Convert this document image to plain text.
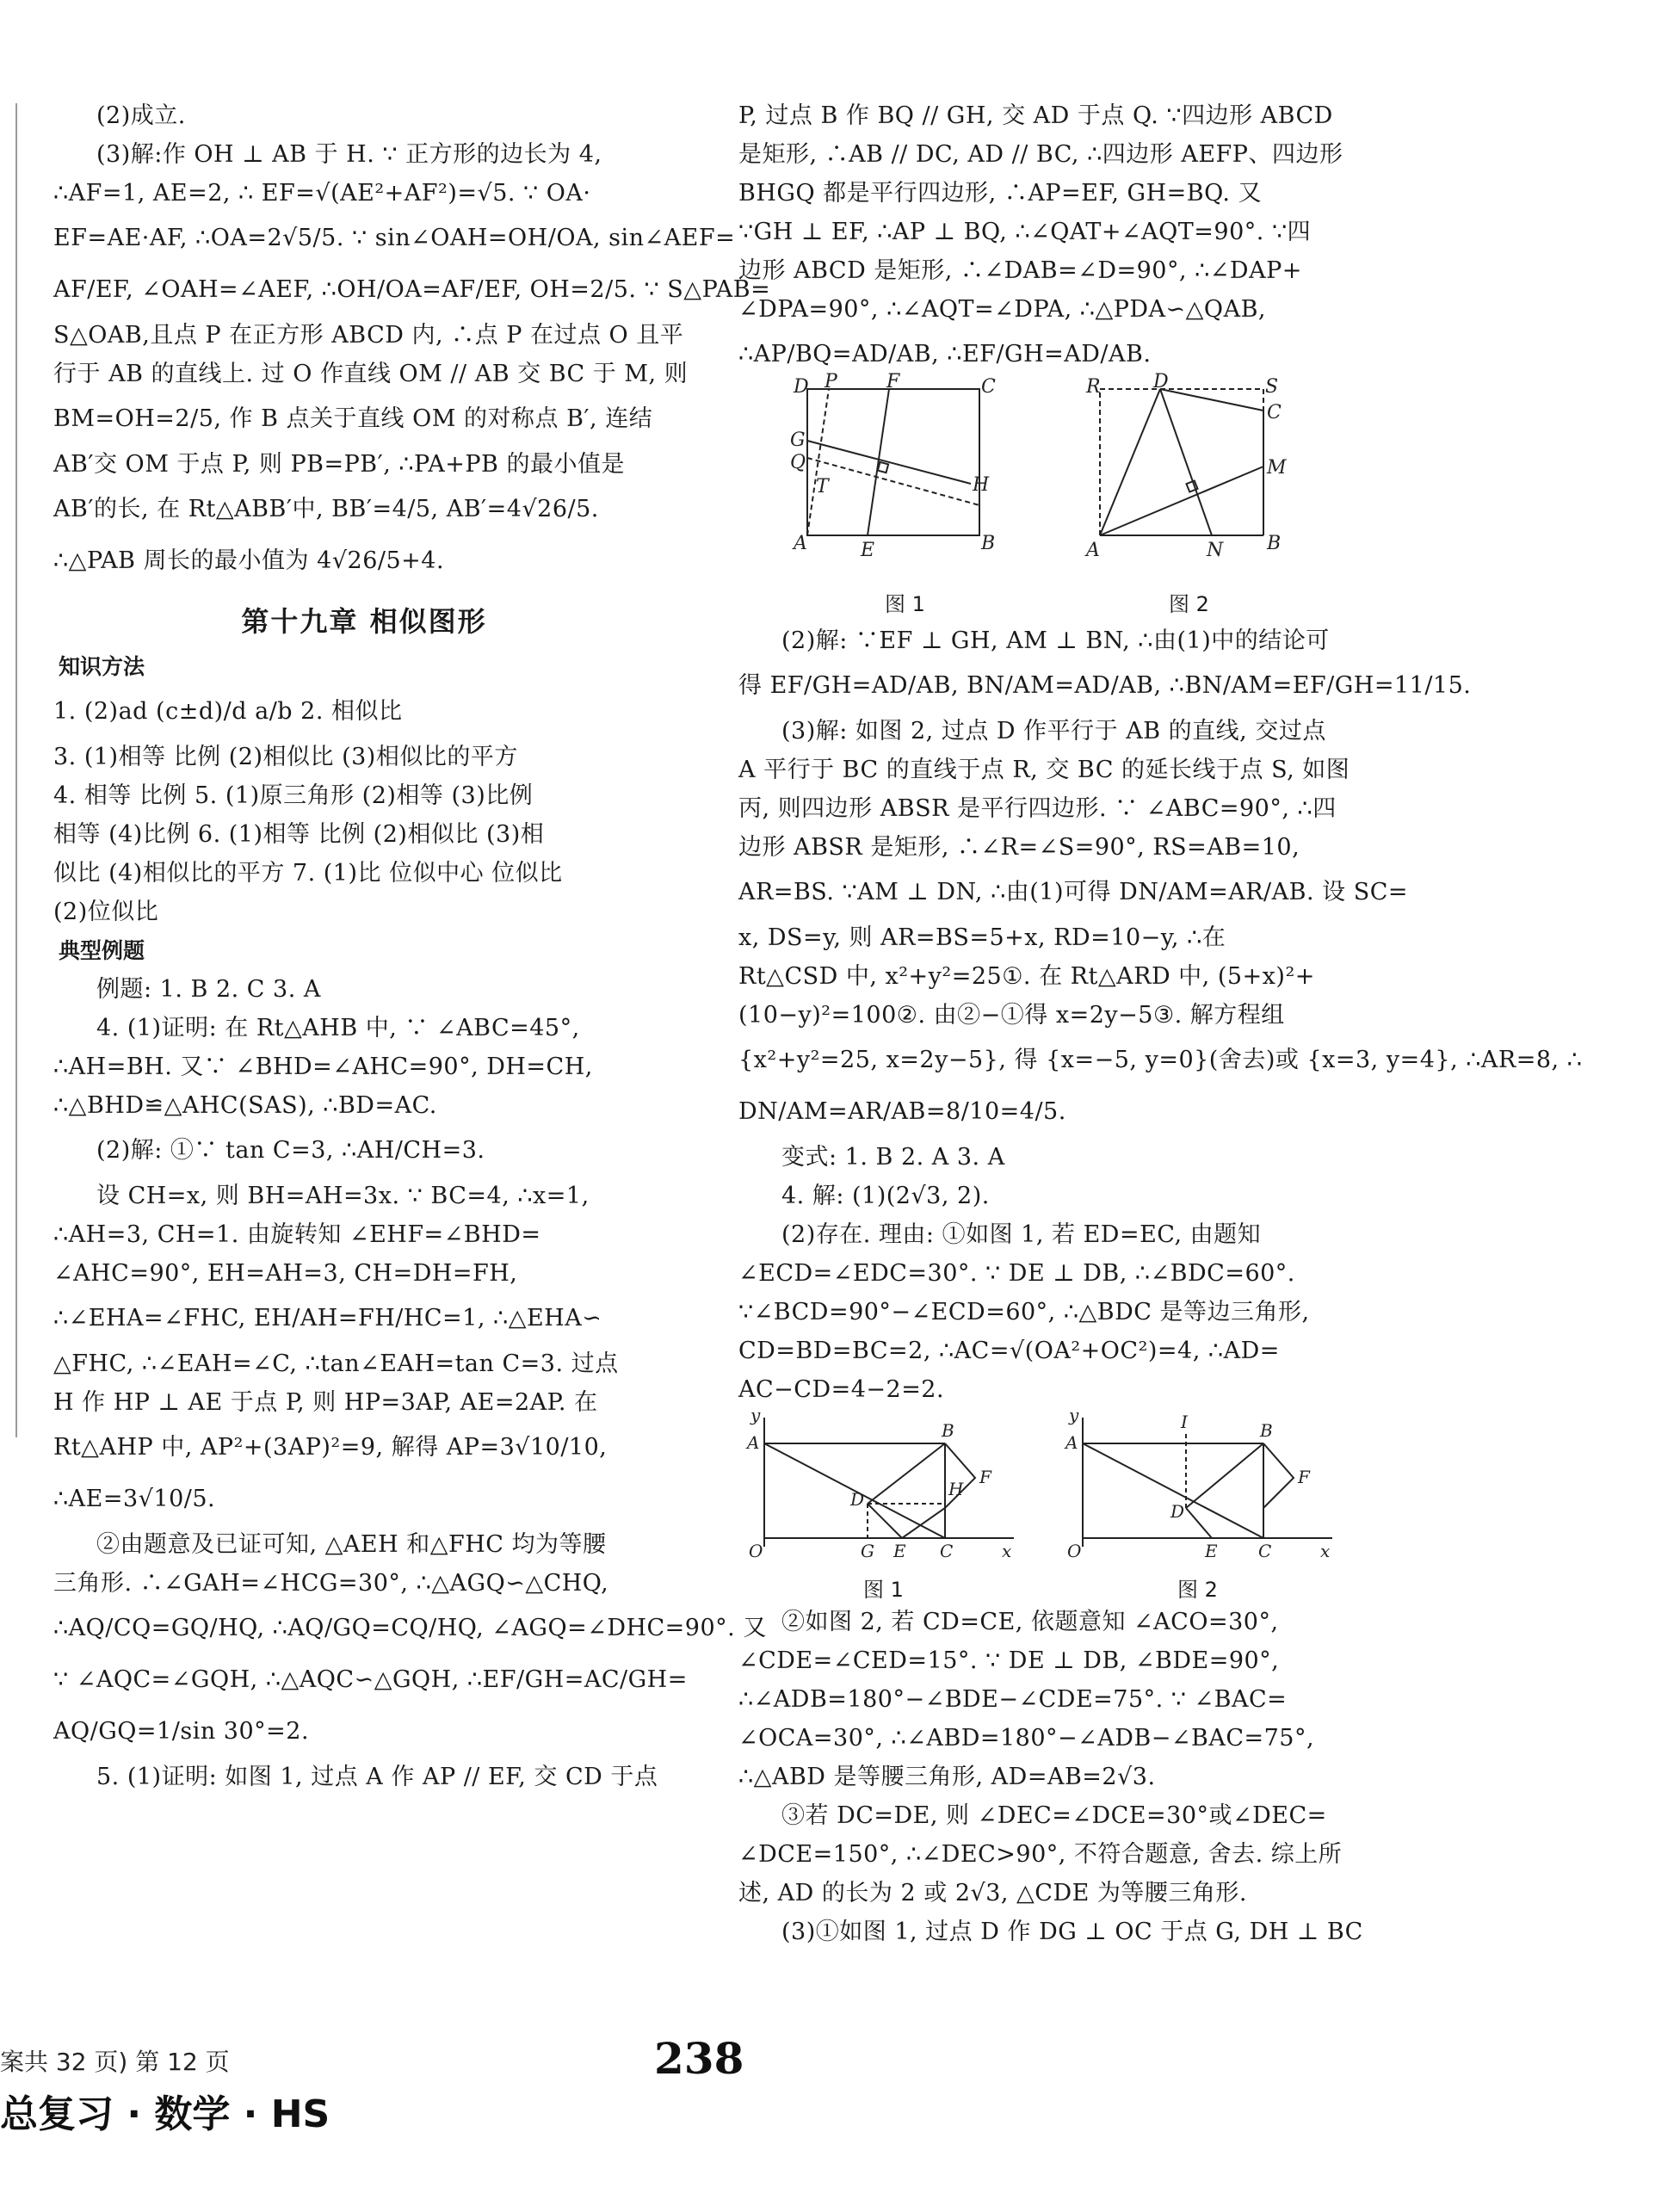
(2)成立.
(3)解:作 OH ⊥ AB 于 H. ∵ 正方形的边长为 4,
∴AF=1, AE=2, ∴ EF=√(AE²+AF²)=√5. ∵ OA·
EF=AE·AF, ∴OA=2√5/5. ∵ sin∠OAH=OH/OA, sin∠AEF=
AF/EF, ∠OAH=∠AEF, ∴OH/OA=AF/EF, OH=2/5. ∵ S△PAB=
S△OAB,且点 P 在正方形 ABCD 内, ∴点 P 在过点 O 且平
行于 AB 的直线上. 过 O 作直线 OM // AB 交 BC 于 M, 则
BM=OH=2/5, 作 B 点关于直线 OM 的对称点 B′, 连结
AB′交 OM 于点 P, 则 PB=PB′, ∴PA+PB 的最小值是
AB′的长, 在 Rt△ABB′中, BB′=4/5, AB′=4√26/5.
∴△PAB 周长的最小值为 4√26/5+4.
第十九章 相似图形
知识方法
1. (2)ad (c±d)/d a/b 2. 相似比
3. (1)相等 比例 (2)相似比 (3)相似比的平方
4. 相等 比例 5. (1)原三角形 (2)相等 (3)比例
相等 (4)比例 6. (1)相等 比例 (2)相似比 (3)相
似比 (4)相似比的平方 7. (1)比 位似中心 位似比
(2)位似比
典型例题
例题: 1. B 2. C 3. A
4. (1)证明: 在 Rt△AHB 中, ∵ ∠ABC=45°,
∴AH=BH. 又∵ ∠BHD=∠AHC=90°, DH=CH,
∴△BHD≌△AHC(SAS), ∴BD=AC.
(2)解: ①∵ tan C=3, ∴AH/CH=3.
设 CH=x, 则 BH=AH=3x. ∵ BC=4, ∴x=1,
∴AH=3, CH=1. 由旋转知 ∠EHF=∠BHD=
∠AHC=90°, EH=AH=3, CH=DH=FH,
∴∠EHA=∠FHC, EH/AH=FH/HC=1, ∴△EHA∽
△FHC, ∴∠EAH=∠C, ∴tan∠EAH=tan C=3. 过点
H 作 HP ⊥ AE 于点 P, 则 HP=3AP, AE=2AP. 在
Rt△AHP 中, AP²+(3AP)²=9, 解得 AP=3√10/10,
∴AE=3√10/5.
②由题意及已证可知, △AEH 和△FHC 均为等腰
三角形. ∴∠GAH=∠HCG=30°, ∴△AGQ∽△CHQ,
∴AQ/CQ=GQ/HQ, ∴AQ/GQ=CQ/HQ, ∠AGQ=∠DHC=90°. 又
∵ ∠AQC=∠GQH, ∴△AQC∽△GQH, ∴EF/GH=AC/GH=
AQ/GQ=1/sin 30°=2.
5. (1)证明: 如图 1, 过点 A 作 AP // EF, 交 CD 于点
P, 过点 B 作 BQ // GH, 交 AD 于点 Q. ∵四边形 ABCD
是矩形, ∴AB // DC, AD // BC, ∴四边形 AEFP、四边形
BHGQ 都是平行四边形, ∴AP=EF, GH=BQ. 又
∵GH ⊥ EF, ∴AP ⊥ BQ, ∴∠QAT+∠AQT=90°. ∵四
边形 ABCD 是矩形, ∴∠DAB=∠D=90°, ∴∠DAP+
∠DPA=90°, ∴∠AQT=∠DPA, ∴△PDA∽△QAB,
∴AP/BQ=AD/AB, ∴EF/GH=AD/AB.
D P	F	C
G
Q
T	H
A	E	B
图 1
R	D	S
C
M
A	N B
图 2
(2)解: ∵EF ⊥ GH, AM ⊥ BN, ∴由(1)中的结论可
得 EF/GH=AD/AB, BN/AM=AD/AB, ∴BN/AM=EF/GH=11/15.
(3)解: 如图 2, 过点 D 作平行于 AB 的直线, 交过点
A 平行于 BC 的直线于点 R, 交 BC 的延长线于点 S, 如图
丙, 则四边形 ABSR 是平行四边形. ∵ ∠ABC=90°, ∴四
边形 ABSR 是矩形, ∴∠R=∠S=90°, RS=AB=10,
AR=BS. ∵AM ⊥ DN, ∴由(1)可得 DN/AM=AR/AB. 设 SC=
x, DS=y, 则 AR=BS=5+x, RD=10−y, ∴在
Rt△CSD 中, x²+y²=25①. 在 Rt△ARD 中, (5+x)²+
(10−y)²=100②. 由②−①得 x=2y−5③. 解方程组
{x²+y²=25, x=2y−5}, 得 {x=−5, y=0}(舍去)或 {x=3, y=4}, ∴AR=8, ∴
DN/AM=AR/AB=8/10=4/5.
变式: 1. B 2. A 3. A
4. 解: (1)(2√3, 2).
(2)存在. 理由: ①如图 1, 若 ED=EC, 由题知
∠ECD=∠EDC=30°. ∵ DE ⊥ DB, ∴∠BDC=60°.
∵∠BCD=90°−∠ECD=60°, ∴△BDC 是等边三角形,
CD=BD=BC=2, ∴AC=√(OA²+OC²)=4, ∴AD=
AC−CD=4−2=2.
y
A
B
F
D	H
O	G E C	x
图 1
y	I	B
A
F
D
O	E C	x
图 2
②如图 2, 若 CD=CE, 依题意知 ∠ACO=30°,
∠CDE=∠CED=15°. ∵ DE ⊥ DB, ∠BDE=90°,
∴∠ADB=180°−∠BDE−∠CDE=75°. ∵ ∠BAC=
∠OCA=30°, ∴∠ABD=180°−∠ADB−∠BAC=75°,
∴△ABD 是等腰三角形, AD=AB=2√3.
③若 DC=DE, 则 ∠DEC=∠DCE=30°或∠DEC=
∠DCE=150°, ∴∠DEC>90°, 不符合题意, 舍去. 综上所
述, AD 的长为 2 或 2√3, △CDE 为等腰三角形.
(3)①如图 1, 过点 D 作 DG ⊥ OC 于点 G, DH ⊥ BC
案共 32 页) 第 12 页	238
总复习 · 数学 · HS
